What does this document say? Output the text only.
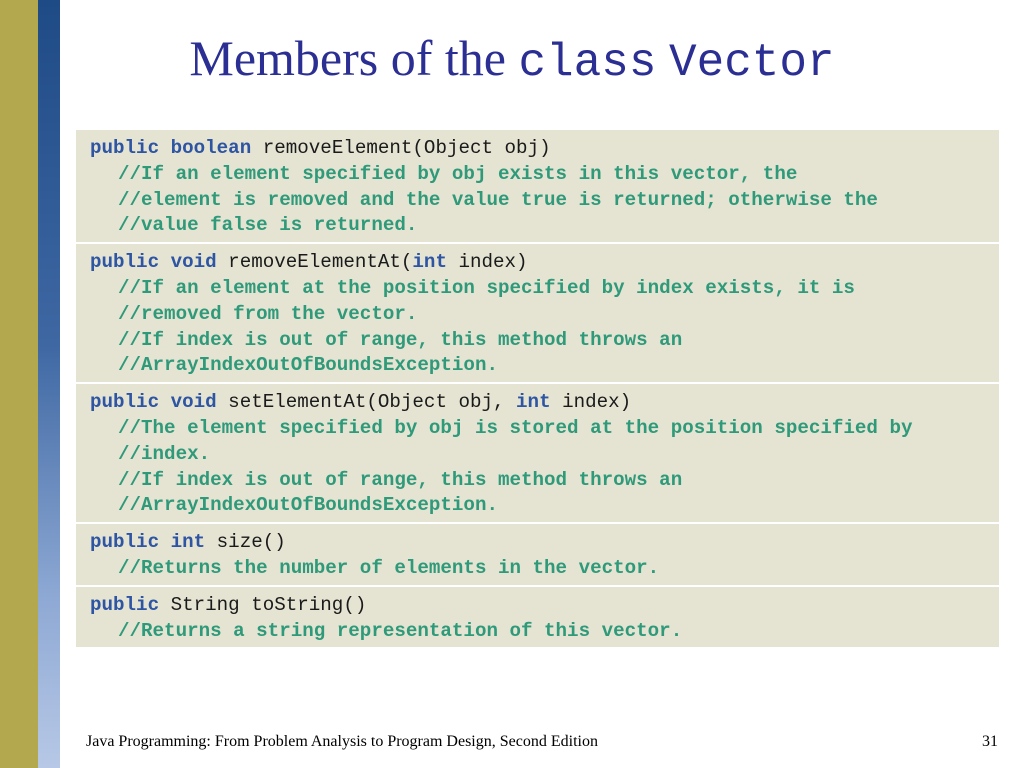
Members of the class Vector
public boolean removeElement(Object obj)
//If an element specified by obj exists in this vector, the
//element is removed and the value true is returned; otherwise the
//value false is returned.
public void removeElementAt(int index)
//If an element at the position specified by index exists, it is
//removed from the vector.
//If index is out of range, this method throws an
//ArrayIndexOutOfBoundsException.
public void setElementAt(Object obj, int index)
//The element specified by obj is stored at the position specified by
//index.
//If index is out of range, this method throws an
//ArrayIndexOutOfBoundsException.
public int size()
//Returns the number of elements in the vector.
public String toString()
//Returns a string representation of this vector.
Java Programming: From Problem Analysis to Program Design, Second Edition	31
